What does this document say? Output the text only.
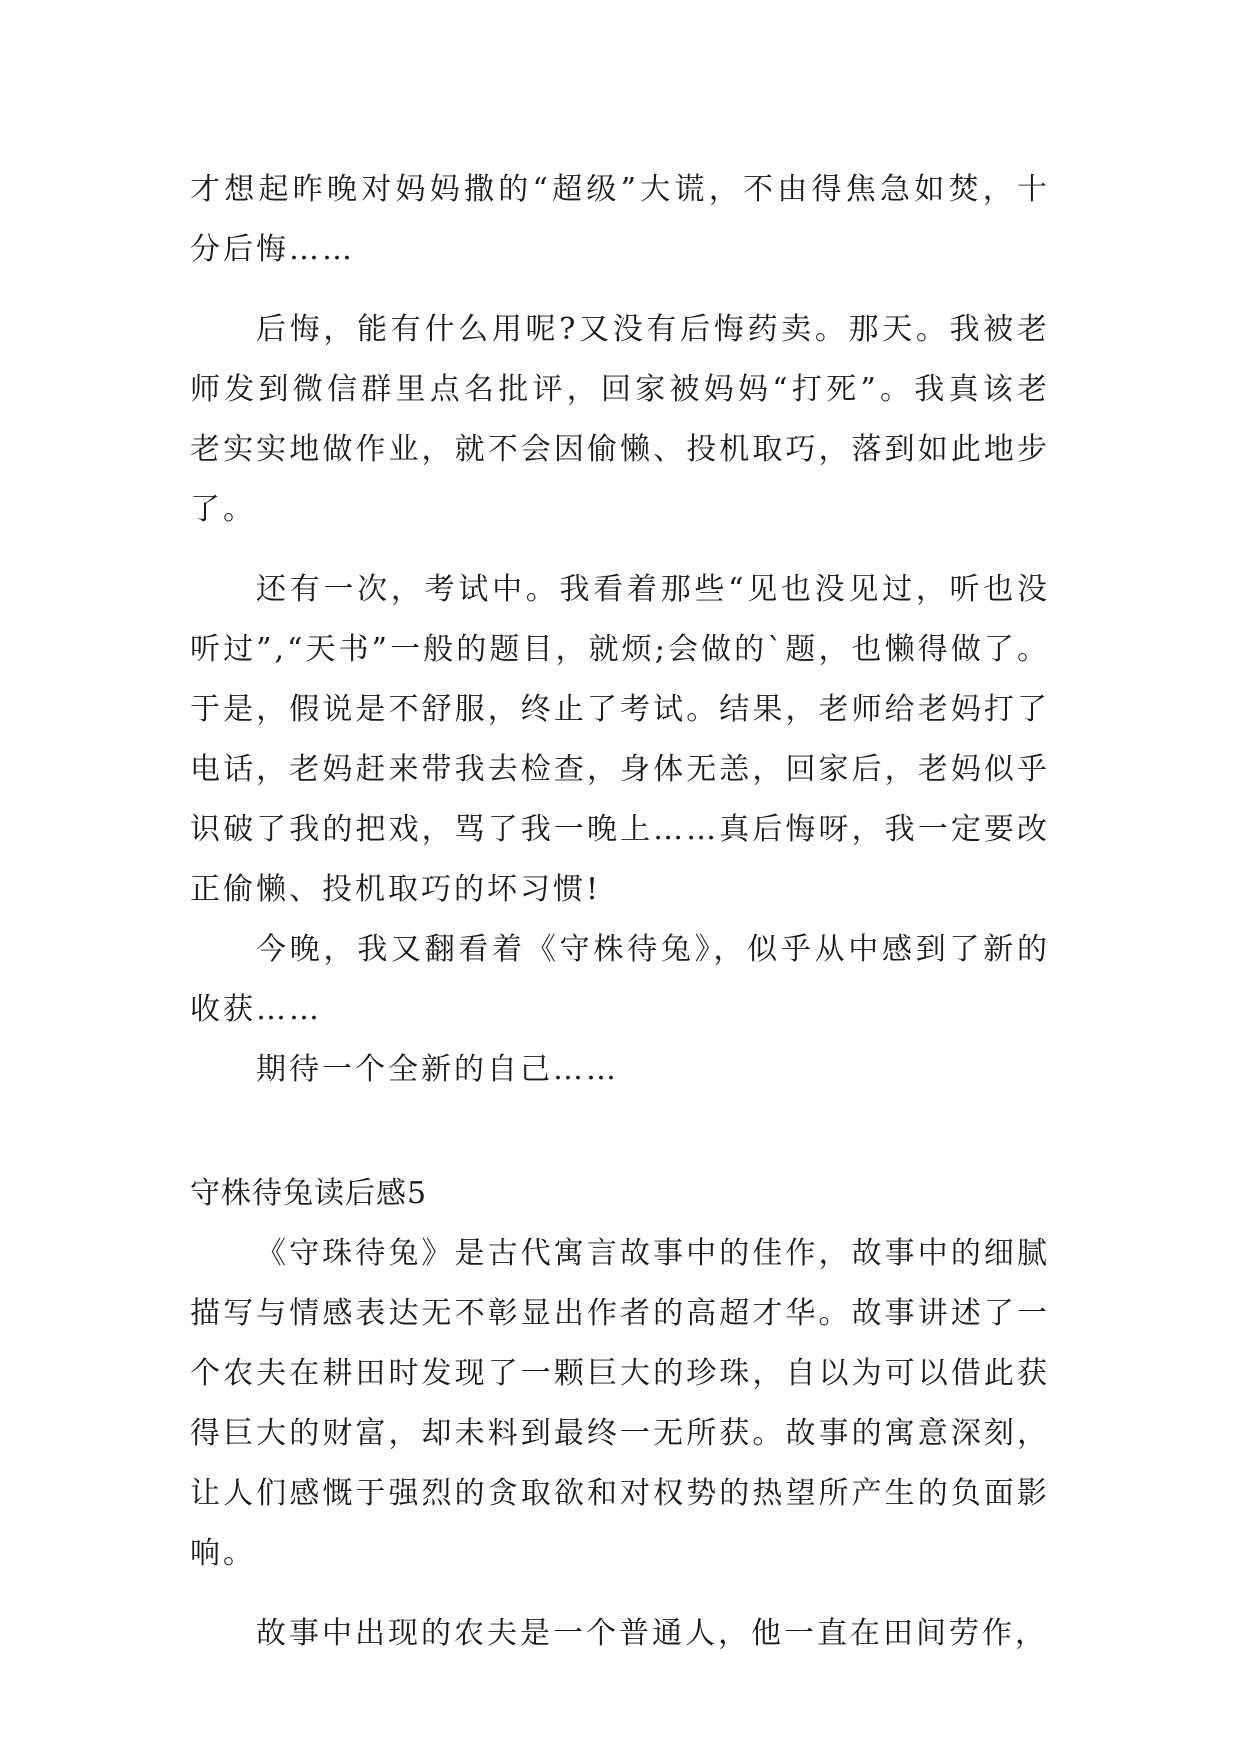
才想起昨晚对妈妈撒的“超级”大谎，不由得焦急如焚，十分后悔……

后悔，能有什么用呢?又没有后悔药卖。那天。我被老师发到微信群里点名批评，回家被妈妈“打死”。我真该老老实实地做作业，就不会因偷懒、投机取巧，落到如此地步了。

还有一次，考试中。我看着那些“见也没见过，听也没听过”,“天书”一般的题目，就烦;会做的`题，也懒得做了。于是，假说是不舒服，终止了考试。结果，老师给老妈打了电话，老妈赶来带我去检查，身体无恙，回家后，老妈似乎识破了我的把戏，骂了我一晚上……真后悔呀，我一定要改正偷懒、投机取巧的坏习惯!

今晚，我又翻看着《守株待兔》，似乎从中感到了新的收获……

期待一个全新的自己……

守株待兔读后感5

《守珠待兔》是古代寓言故事中的佳作，故事中的细腻描写与情感表达无不彰显出作者的高超才华。故事讲述了一个农夫在耕田时发现了一颗巨大的珍珠，自以为可以借此获得巨大的财富，却未料到最终一无所获。故事的寓意深刻，让人们感慨于强烈的贪取欲和对权势的热望所产生的负面影响。

故事中出现的农夫是一个普通人，他一直在田间劳作，
